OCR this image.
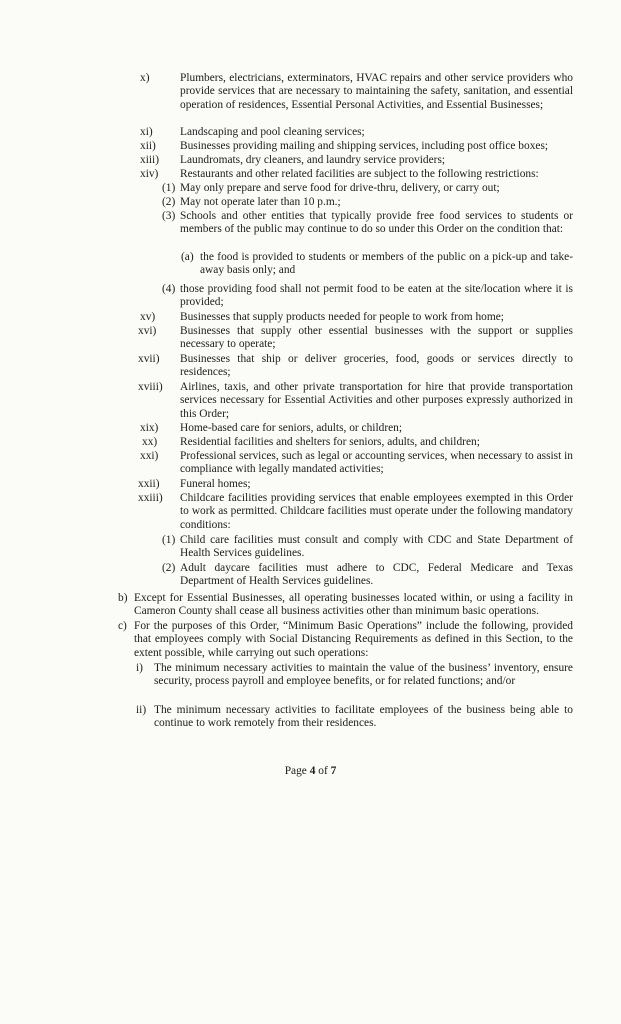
x)	Plumbers, electricians, exterminators, HVAC repairs and other service providers who provide services that are necessary to maintaining the safety, sanitation, and essential operation of residences, Essential Personal Activities, and Essential Businesses;
xi) Landscaping and pool cleaning services;
xii) Businesses providing mailing and shipping services, including post office boxes;
xiii) Laundromats, dry cleaners, and laundry service providers;
xiv) Restaurants and other related facilities are subject to the following restrictions:
(1) May only prepare and serve food for drive-thru, delivery, or carry out;
(2) May not operate later than 10 p.m.;
(3) Schools and other entities that typically provide free food services to students or members of the public may continue to do so under this Order on the condition that:
(a) the food is provided to students or members of the public on a pick-up and take-away basis only; and
(4) those providing food shall not permit food to be eaten at the site/location where it is provided;
xv) Businesses that supply products needed for people to work from home;
xvi) Businesses that supply other essential businesses with the support or supplies necessary to operate;
xvii) Businesses that ship or deliver groceries, food, goods or services directly to residences;
xviii) Airlines, taxis, and other private transportation for hire that provide transportation services necessary for Essential Activities and other purposes expressly authorized in this Order;
xix) Home-based care for seniors, adults, or children;
xx) Residential facilities and shelters for seniors, adults, and children;
xxi) Professional services, such as legal or accounting services, when necessary to assist in compliance with legally mandated activities;
xxii) Funeral homes;
xxiii) Childcare facilities providing services that enable employees exempted in this Order to work as permitted. Childcare facilities must operate under the following mandatory conditions:
(1) Child care facilities must consult and comply with CDC and State Department of Health Services guidelines.
(2) Adult daycare facilities must adhere to CDC, Federal Medicare and Texas Department of Health Services guidelines.
b) Except for Essential Businesses, all operating businesses located within, or using a facility in Cameron County shall cease all business activities other than minimum basic operations.
c) For the purposes of this Order, “Minimum Basic Operations” include the following, provided that employees comply with Social Distancing Requirements as defined in this Section, to the extent possible, while carrying out such operations:
i) The minimum necessary activities to maintain the value of the business’ inventory, ensure security, process payroll and employee benefits, or for related functions; and/or
ii) The minimum necessary activities to facilitate employees of the business being able to continue to work remotely from their residences.
Page 4 of 7
